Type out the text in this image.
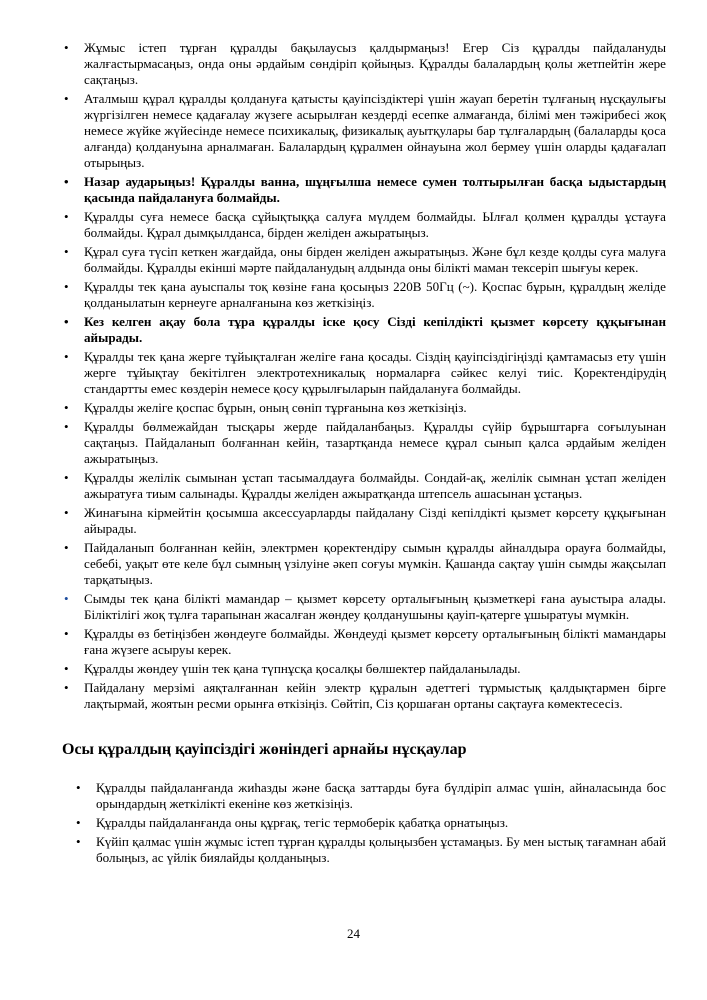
• Жұмыс істеп тұрған құралды бақылаусыз қалдырмаңыз! Егер Сіз құралды пайдалануды жалғастырмасаңыз, онда оны әрдайым сөндіріп қойыңыз. Құралды балалардың қолы жетпейтін жере сақтаңыз.
• Аталмыш құрал құралды қолдануға қатысты қауіпсіздіктері үшін жауап беретін тұлғаның нұсқаулығы жүргізілген немесе қадағалау жүзеге асырылған кездерді есепке алмағанда, білімі мен тәжірибесі жоқ немесе жүйке жүйесінде немесе психикалық, физикалық ауытқулары бар тұлғалардың (балаларды қоса алғанда) қолдануына арналмаған. Балалардың құралмен ойнауына жол бермеу үшін оларды қадағалап отырыңыз.
• Назар аударыңыз! Құралды ванна, шұңғылша немесе сумен толтырылған басқа ыдыстардың қасында пайдалануға болмайды.
• Құралды суға немесе басқа сұйықтыққа салуға мүлдем болмайды. Ылғал қолмен құралды ұстауға болмайды. Құрал дымқылданса, бірден желіден ажыратыңыз.
• Құрал суға түсіп кеткен жағдайда, оны бірден желіден ажыратыңыз. Және бұл кезде қолды суға малуға болмайды. Құралды екінші мәрте пайдаланудың алдында оны білікті маман тексеріп шығуы керек.
• Құралды тек қана ауыспалы тоқ көзіне ғана қосыңыз 220В 50Гц (~). Қоспас бұрын, құралдың желіде қолданылатын кернеуге арналғанына көз жеткізіңіз.
• Кез келген ақау бола тұра құралды іске қосу Сізді кепілдікті қызмет көрсету құқығынан айырады.
• Құралды тек қана жерге тұйықталған желіге ғана қосады. Сіздің қауіпсіздігіңізді қамтамасыз ету үшін жерге тұйықтау бекітілген электротехникалық нормаларға сәйкес келуі тиіс. Қоректендірудің стандартты емес көздерін немесе қосу құрылғыларын пайдалануға болмайды.
• Құралды желіге қоспас бұрын, оның сөніп тұрғанына көз жеткізіңіз.
• Құралды бөлмежайдан тысқары жерде пайдаланбаңыз. Құралды сүйір бұрыштарға соғылуынан сақтаңыз. Пайдаланып болғаннан кейін, тазартқанда немесе құрал сынып қалса әрдайым желіден ажыратыңыз.
• Құралды желілік сымынан ұстап тасымалдауға болмайды. Сондай-ақ, желілік сымнан ұстап желіден ажыратуға тиым салынады. Құралды желіден ажыратқанда штепсель ашасынан ұстаңыз.
• Жинағына кірмейтін қосымша аксессуарларды пайдалану Сізді кепілдікті қызмет көрсету құқығынан айырады.
• Пайдаланып болғаннан кейін, электрмен қоректендіру сымын құралды айналдыра орауға болмайды, себебі, уақыт өте келе бұл сымның үзілуіне әкеп соғуы мүмкін. Қашанда сақтау үшін сымды жақсылап тарқатыңыз.
• Сымды тек қана білікті мамандар – қызмет көрсету орталығының қызметкері ғана ауыстыра алады. Біліктілігі жоқ тұлға тарапынан жасалған жөндеу қолданушыны қауіп-қатерге ұшыратуы мүмкін.
• Құралды өз бетіңізбен жөндеуге болмайды. Жөндеуді қызмет көрсету орталығының білікті мамандары ғана жүзеге асыруы керек.
• Құралды жөндеу үшін тек қана түпнұсқа қосалқы бөлшектер пайдаланылады.
• Пайдалану мерзімі аяқталғаннан кейін электр құралын әдеттегі тұрмыстық қалдықтармен бірге лақтырмай, жоятын ресми орынға өткізіңіз. Сөйтіп, Сіз қоршаған ортаны сақтауға көмектесесіз.
Осы құралдың қауіпсіздігі жөніндегі арнайы нұсқаулар
• Құралды пайдаланғанда жиһазды және басқа заттарды буға бүлдіріп алмас үшін, айналасында бос орындардың жеткілікті екеніне көз жеткізіңіз.
• Құралды пайдаланғанда оны құрғақ, тегіс термоберік қабатқа орнатыңыз.
• Күйіп қалмас үшін жұмыс істеп тұрған құралды қолыңызбен ұстамаңыз. Бу мен ыстық тағамнан абай болыңыз, ас үйлік биялайды қолданыңыз.
24
